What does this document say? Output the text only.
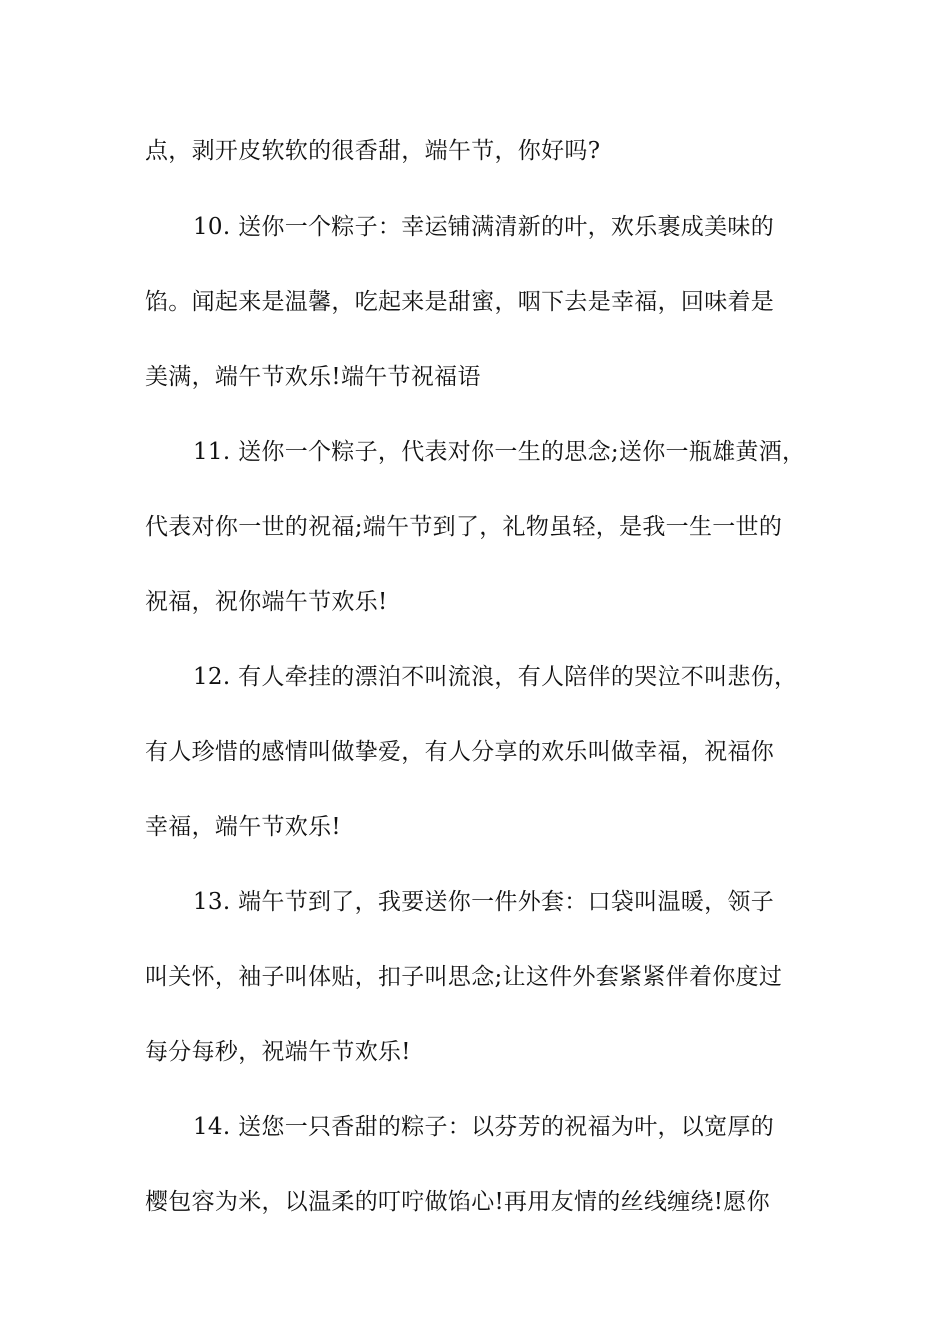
点，剥开皮软软的很香甜，端午节，你好吗?
10. 送你一个粽子：幸运铺满清新的叶，欢乐裹成美味的
馅。闻起来是温馨，吃起来是甜蜜，咽下去是幸福，回味着是
美满，端午节欢乐!端午节祝福语
11. 送你一个粽子，代表对你一生的思念;送你一瓶雄黄酒，
代表对你一世的祝福;端午节到了，礼物虽轻，是我一生一世的
祝福，祝你端午节欢乐!
12. 有人牵挂的漂泊不叫流浪，有人陪伴的哭泣不叫悲伤，
有人珍惜的感情叫做挚爱，有人分享的欢乐叫做幸福，祝福你
幸福，端午节欢乐!
13. 端午节到了，我要送你一件外套：口袋叫温暖，领子
叫关怀，袖子叫体贴，扣子叫思念;让这件外套紧紧伴着你度过
每分每秒，祝端午节欢乐!
14. 送您一只香甜的粽子：以芬芳的祝福为叶，以宽厚的
樱包容为米，以温柔的叮咛做馅心!再用友情的丝线缠绕!愿你
